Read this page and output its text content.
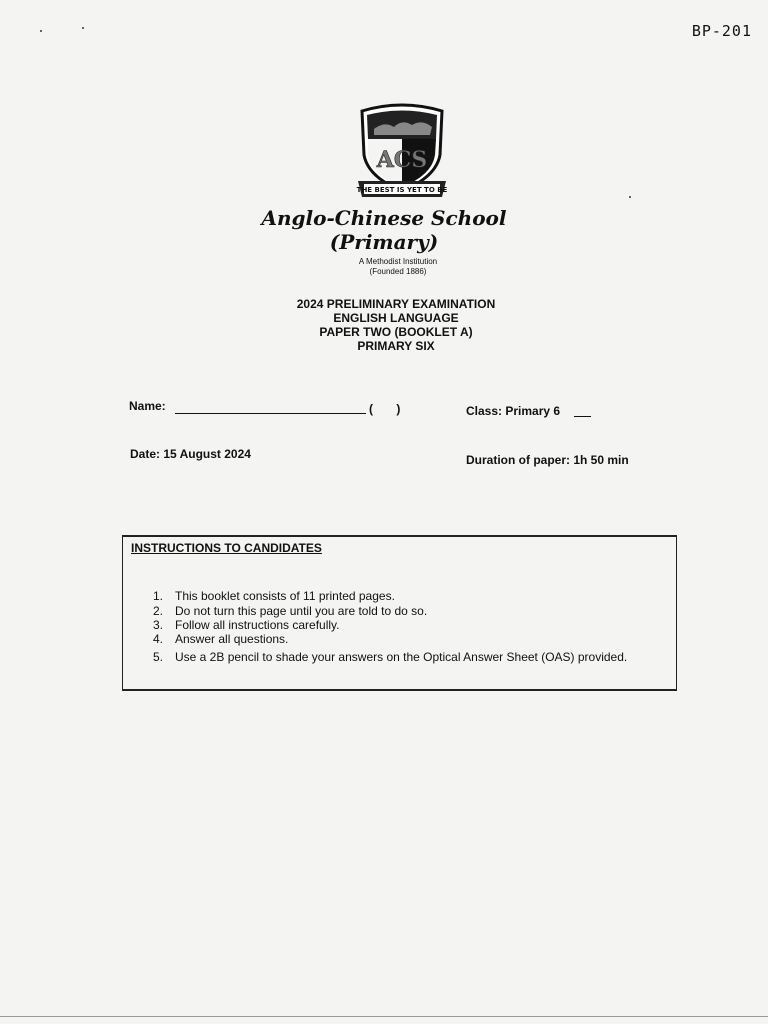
BP-201
ACS
THE BEST IS YET TO BE
Anglo-Chinese School
(Primary)
A Methodist Institution
(Founded 1886)
2024 PRELIMINARY EXAMINATION
ENGLISH LANGUAGE
PAPER TWO (BOOKLET A)
PRIMARY SIX
Name:	(       )	Class: Primary 6
Date: 15 August 2024	Duration of paper: 1h 50 min
INSTRUCTIONS TO CANDIDATES
1. This booklet consists of 11 printed pages.
2. Do not turn this page until you are told to do so.
3. Follow all instructions carefully.
4. Answer all questions.
5. Use a 2B pencil to shade your answers on the Optical Answer Sheet (OAS) provided.
